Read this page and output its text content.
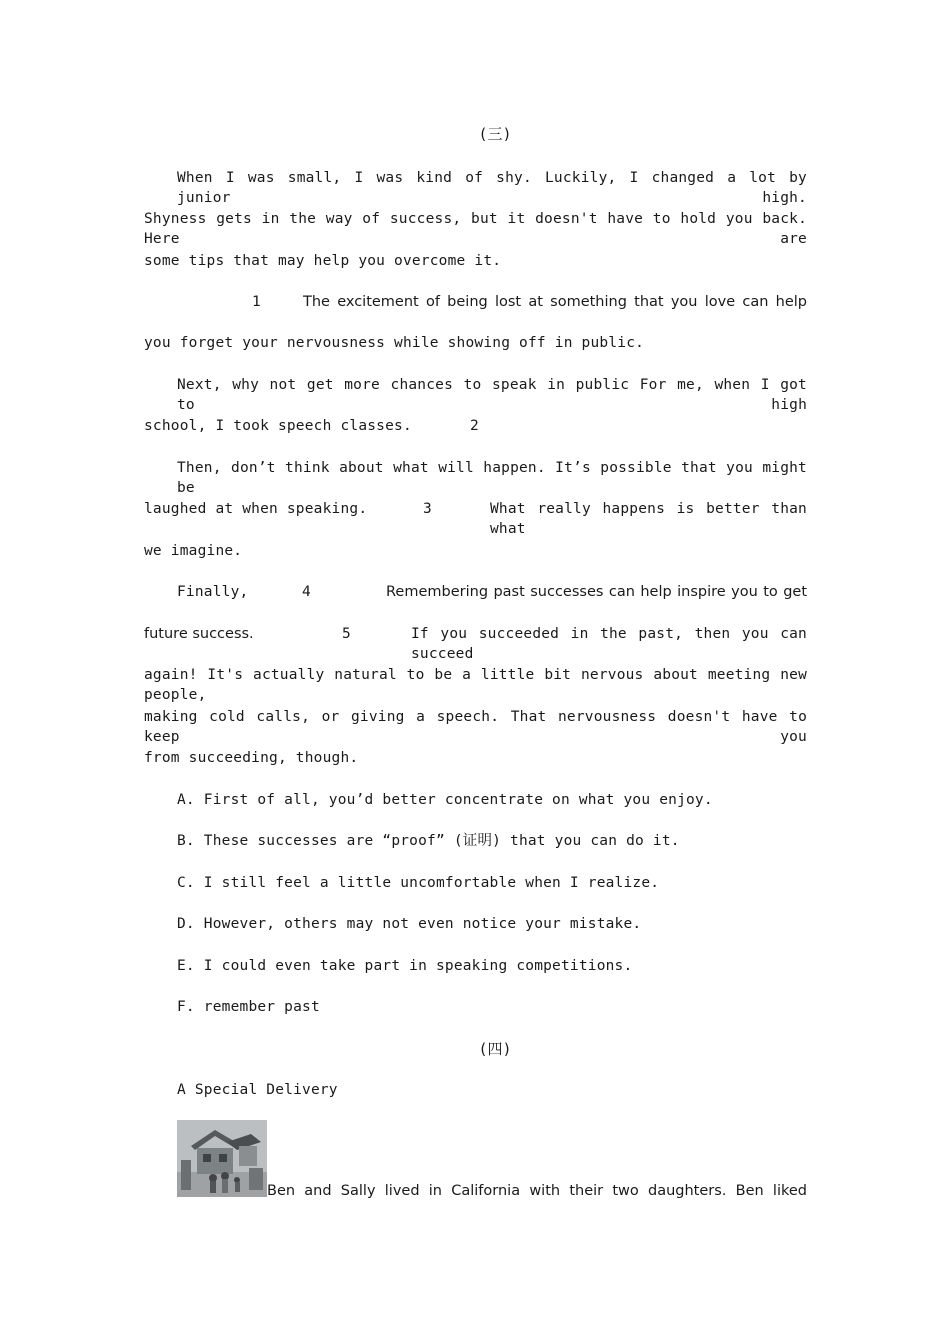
(三)
When I was small, I was kind of shy. Luckily, I changed a lot by junior high.
Shyness gets in the way of success, but it doesn't have to hold you back. Here are
some tips that may help you overcome it.
1	The excitement of being lost at something that you love can help
you forget your nervousness while showing off in public.
Next, why not get more chances to speak in public For me, when I got to high
school, I took speech classes.	2
Then, don’t think about what will happen. It’s possible that you might be
laughed at when speaking.	3	What really happens is better than what
we imagine.
Finally,	4	Remembering past successes can help inspire you to get
future success.	5	If you succeeded in the past, then you can succeed
again! It's actually natural to be a little bit nervous about meeting new people,
making cold calls, or giving a speech. That nervousness doesn't have to keep you
from succeeding, though.
A. First of all, you’d better concentrate on what you enjoy.
B. These successes are “proof” (证明) that you can do it.
C. I still feel a little uncomfortable when I realize.
D. However, others may not even notice your mistake.
E. I could even take part in speaking competitions.
F. remember past
(四)
A Special Delivery
Ben and Sally lived in California with their two daughters. Ben liked
